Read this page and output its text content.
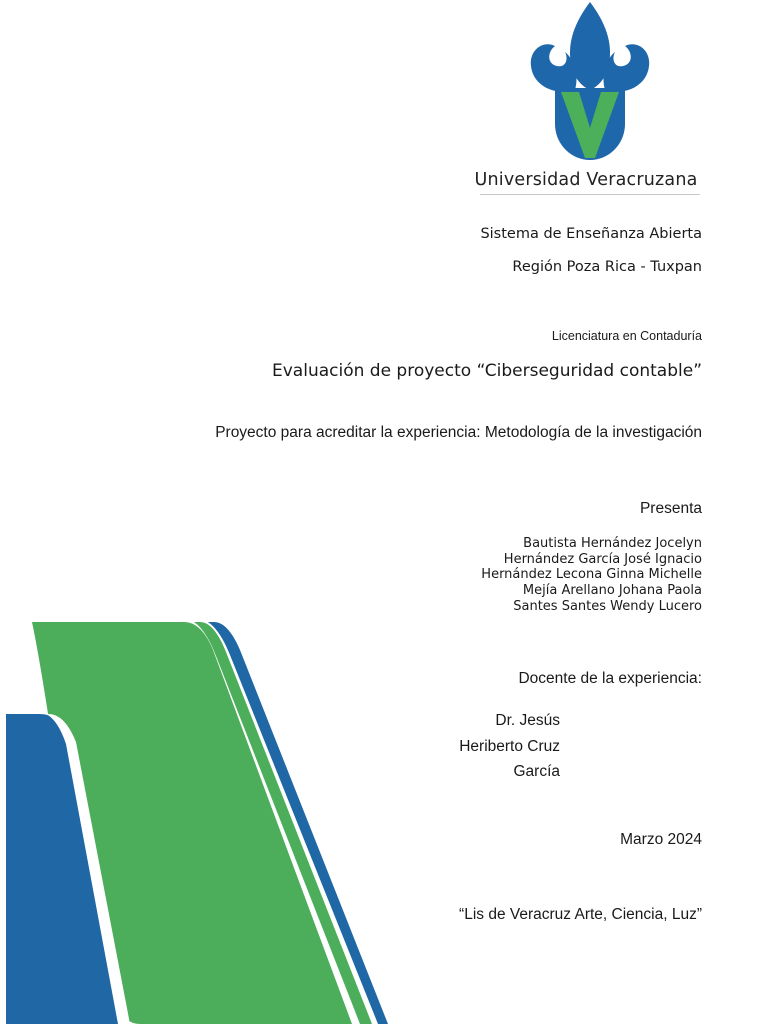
Universidad Veracruzana
Sistema de Enseñanza Abierta
Región Poza Rica - Tuxpan
Licenciatura en Contaduría
Evaluación de proyecto “Ciberseguridad contable”
Proyecto para acreditar la experiencia: Metodología de la investigación
Presenta
Bautista Hernández Jocelyn
Hernández García José Ignacio
Hernández Lecona Ginna Michelle
Mejía Arellano Johana Paola
Santes Santes Wendy Lucero
Docente de la experiencia:
Dr. Jesús
Heriberto Cruz
García
Marzo 2024
“Lis de Veracruz Arte, Ciencia, Luz”
